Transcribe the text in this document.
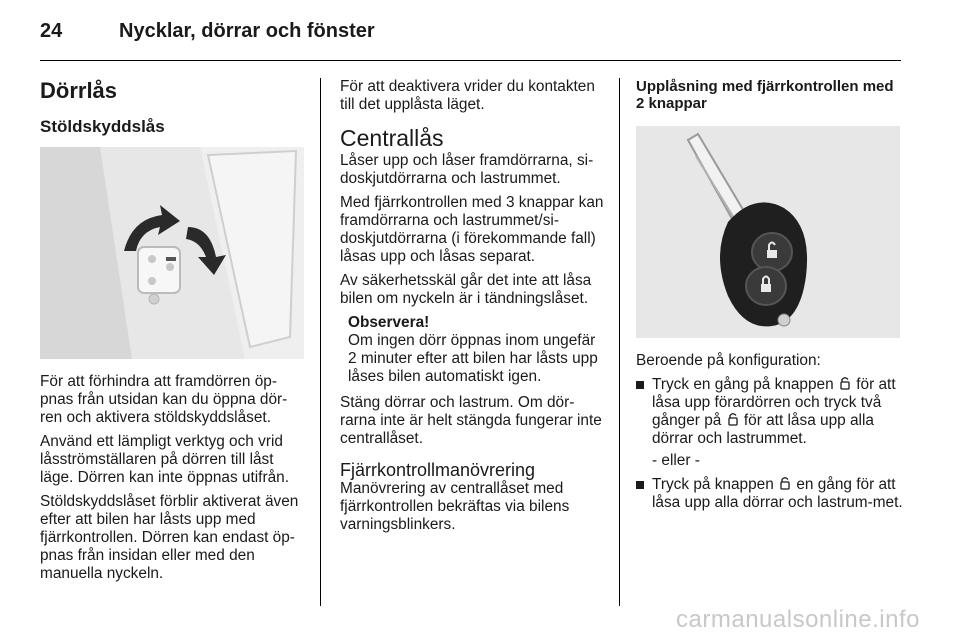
24	Nycklar, dörrar och fönster
Dörrlås
Stöldskyddslås

För att förhindra att framdörren öp-pnas från utsidan kan du öppna dör-ren och aktivera stöldskyddslåset.

Använd ett lämpligt verktyg och vrid låsströmställaren på dörren till låst läge. Dörren kan inte öppnas utifrån.

Stöldskyddslåset förblir aktiverat även efter att bilen har låsts upp med fjärrkontrollen. Dörren kan endast öp-pnas från insidan eller med den manuella nyckeln.

För att deaktivera vrider du kontakten till det upplåsta läget.

Centrallås

Låser upp och låser framdörrarna, si-doskjutdörrarna och lastrummet.

Med fjärrkontrollen med 3 knappar kan framdörrarna och lastrummet/si-doskjutdörrarna (i förekommande fall) låsas upp och låsas separat.

Av säkerhetsskäl går det inte att låsa bilen om nyckeln är i tändningslåset.

Observera!
Om ingen dörr öppnas inom ungefär 2 minuter efter att bilen har låsts upp låses bilen automatiskt igen.

Stäng dörrar och lastrum. Om dör-rarna inte är helt stängda fungerar inte centrallåset.

Fjärrkontrollmanövrering

Manövrering av centrallåset med fjärrkontrollen bekräftas via bilens varningsblinkers.

Upplåsning med fjärrkontrollen med 2 knappar

Beroende på konfiguration:

Tryck en gång på knappen för att låsa upp förardörren och tryck två gånger på för att låsa upp alla dörrar och lastrummet.
- eller -
Tryck på knappen en gång för att låsa upp alla dörrar och lastrum-met.
carmanualsonline.info
